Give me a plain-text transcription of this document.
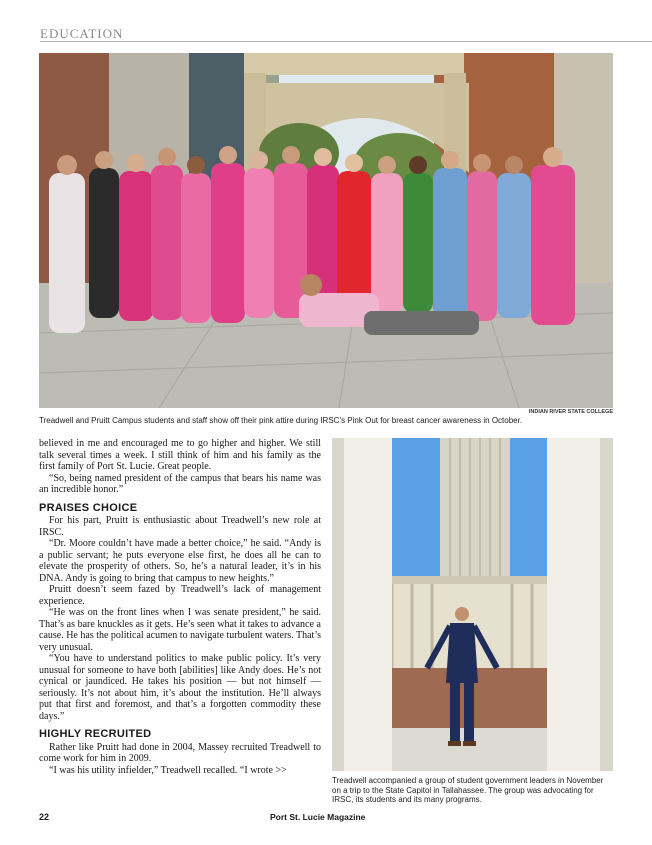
EDUCATION
INDIAN RIVER STATE COLLEGE
Treadwell and Pruitt Campus students and staff show off their pink attire during IRSC’s Pink Out for breast cancer awareness in October.

believed in me and encouraged me to go higher and higher. We still talk several times a week. I still think of him and his family as the first family of Port St. Lucie. Great people.

“So, being named president of the campus that bears his name was an incredible honor.”

PRAISES CHOICE

For his part, Pruitt is enthusiastic about Treadwell’s new role at IRSC.

“Dr. Moore couldn’t have made a better choice,” he said. “Andy is a public servant; he puts everyone else first, he does all he can to elevate the prosperity of others. So, he’s a natural leader, it’s in his DNA. Andy is going to bring that campus to new heights.”

Pruitt doesn’t seem fazed by Treadwell’s lack of management experience.

“He was on the front lines when I was senate president,” he said. That’s as bare knuckles as it gets. He’s seen what it takes to advance a cause. He has the political acumen to navigate turbulent waters. That’s very unusual.

“You have to understand politics to make public policy. It’s very unusual for someone to have both [abilities] like Andy does. He’s not cynical or jaundiced. He takes his position — but not himself — seriously. It’s not about him, it’s about the institution. He’ll always put that first and foremost, and that’s a forgotten commodity these days.”

HIGHLY RECRUITED

Rather like Pruitt had done in 2004, Massey recruited Treadwell to come work for him in 2009.

“I was his utility infielder,” Treadwell recalled. “I wrote >>

Treadwell accompanied a group of student government leaders in November on a trip to the State Capitol in Tallahassee. The group was advocating for IRSC, its students and its many programs.
22	Port St. Lucie Magazine
